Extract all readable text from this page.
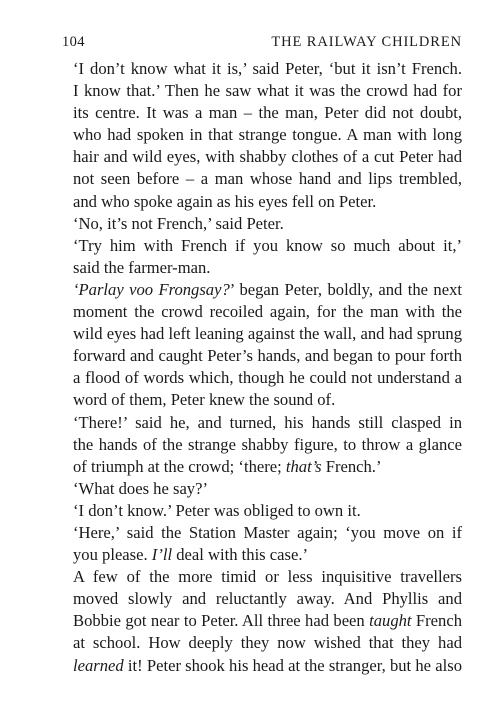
104	THE RAILWAY CHILDREN

‘I don’t know what it is,’ said Peter, ‘but it isn’t French.
I know that.’ Then he saw what it was the crowd had for
its centre. It was a man – the man, Peter did not doubt,
who had spoken in that strange tongue. A man with long
hair and wild eyes, with shabby clothes of a cut Peter had
not seen before – a man whose hand and lips trembled,
and who spoke again as his eyes fell on Peter.

‘No, it’s not French,’ said Peter.

‘Try him with French if you know so much about it,’
said the farmer-man.

‘Parlay voo Frongsay?’ began Peter, boldly, and the next
moment the crowd recoiled again, for the man with the
wild eyes had left leaning against the wall, and had sprung
forward and caught Peter’s hands, and began to pour forth
a flood of words which, though he could not understand a
word of them, Peter knew the sound of.

‘There!’ said he, and turned, his hands still clasped in
the hands of the strange shabby figure, to throw a glance
of triumph at the crowd; ‘there; that’s French.’

‘What does he say?’

‘I don’t know.’ Peter was obliged to own it.

‘Here,’ said the Station Master again; ‘you move on if
you please. I’ll deal with this case.’

A few of the more timid or less inquisitive travellers
moved slowly and reluctantly away. And Phyllis and
Bobbie got near to Peter. All three had been taught French
at school. How deeply they now wished that they had
learned it! Peter shook his head at the stranger, but he also
